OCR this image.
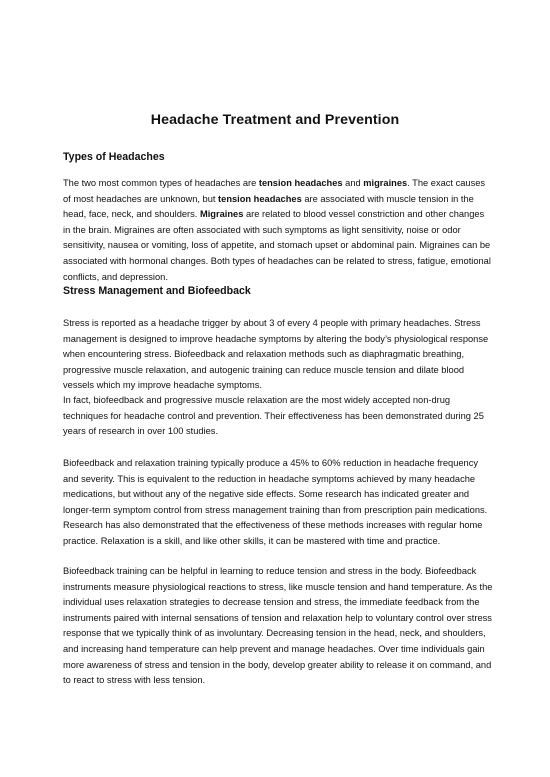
Headache Treatment and Prevention
Types of Headaches

The two most common types of headaches are tension headaches and migraines. The exact causes of most headaches are unknown, but tension headaches are associated with muscle tension in the head, face, neck, and shoulders. Migraines are related to blood vessel constriction and other changes in the brain. Migraines are often associated with such symptoms as light sensitivity, noise or odor sensitivity, nausea or vomiting, loss of appetite, and stomach upset or abdominal pain. Migraines can be associated with hormonal changes. Both types of headaches can be related to stress, fatigue, emotional conflicts, and depression.

Stress Management and Biofeedback

Stress is reported as a headache trigger by about 3 of every 4 people with primary headaches. Stress management is designed to improve headache symptoms by altering the body’s physiological response when encountering stress. Biofeedback and relaxation methods such as diaphragmatic breathing, progressive muscle relaxation, and autogenic training can reduce muscle tension and dilate blood vessels which my improve headache symptoms.

In fact, biofeedback and progressive muscle relaxation are the most widely accepted non-drug techniques for headache control and prevention. Their effectiveness has been demonstrated during 25 years of research in over 100 studies.

Biofeedback and relaxation training typically produce a 45% to 60% reduction in headache frequency and severity. This is equivalent to the reduction in headache symptoms achieved by many headache medications, but without any of the negative side effects. Some research has indicated greater and longer-term symptom control from stress management training than from prescription pain medications. Research has also demonstrated that the effectiveness of these methods increases with regular home practice. Relaxation is a skill, and like other skills, it can be mastered with time and practice.

Biofeedback training can be helpful in learning to reduce tension and stress in the body. Biofeedback instruments measure physiological reactions to stress, like muscle tension and hand temperature. As the individual uses relaxation strategies to decrease tension and stress, the immediate feedback from the instruments paired with internal sensations of tension and relaxation help to voluntary control over stress response that we typically think of as involuntary. Decreasing tension in the head, neck, and shoulders, and increasing hand temperature can help prevent and manage headaches. Over time individuals gain more awareness of stress and tension in the body, develop greater ability to release it on command, and to react to stress with less tension.
